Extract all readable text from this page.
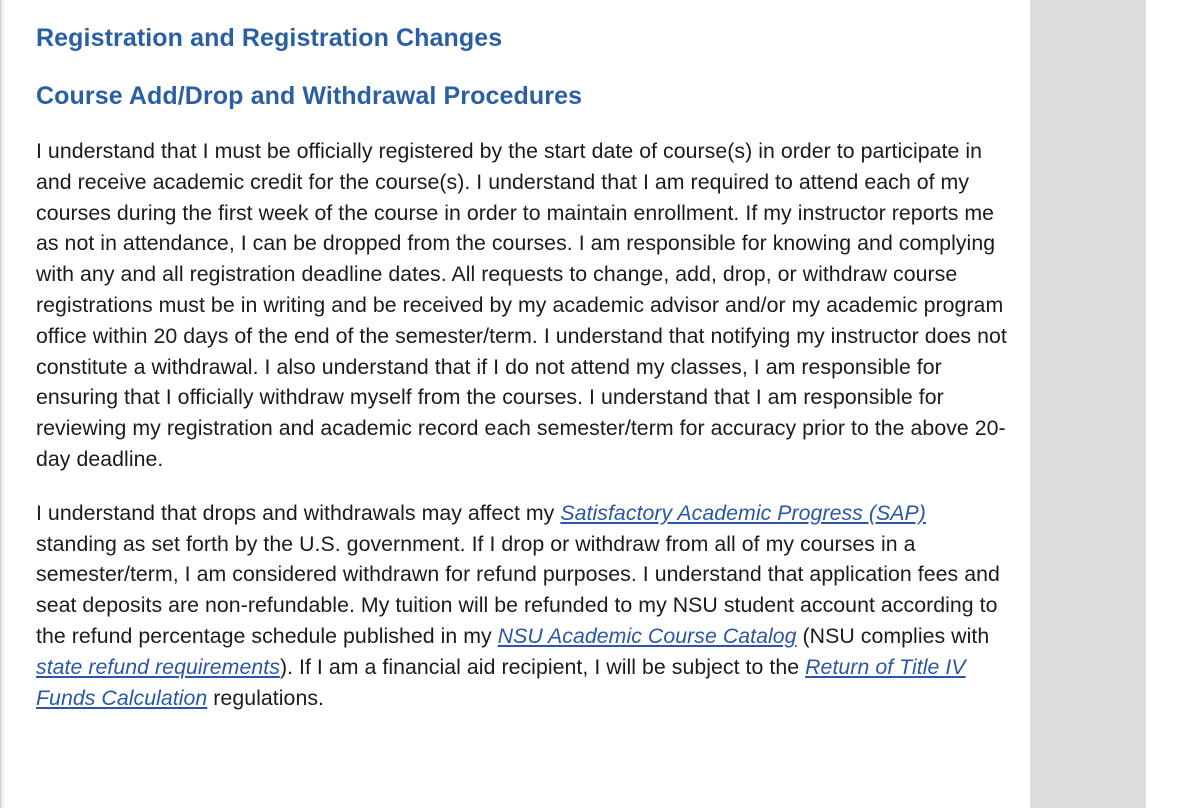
Registration and Registration Changes
Course Add/Drop and Withdrawal Procedures

I understand that I must be officially registered by the start date of course(s) in order to participate in and receive academic credit for the course(s). I understand that I am required to attend each of my courses during the first week of the course in order to maintain enrollment. If my instructor reports me as not in attendance, I can be dropped from the courses. I am responsible for knowing and complying with any and all registration deadline dates. All requests to change, add, drop, or withdraw course registrations must be in writing and be received by my academic advisor and/or my academic program office within 20 days of the end of the semester/term. I understand that notifying my instructor does not constitute a withdrawal. I also understand that if I do not attend my classes, I am responsible for ensuring that I officially withdraw myself from the courses. I understand that I am responsible for reviewing my registration and academic record each semester/term for accuracy prior to the above 20-day deadline.

I understand that drops and withdrawals may affect my Satisfactory Academic Progress (SAP) standing as set forth by the U.S. government. If I drop or withdraw from all of my courses in a semester/term, I am considered withdrawn for refund purposes. I understand that application fees and seat deposits are non-refundable. My tuition will be refunded to my NSU student account according to the refund percentage schedule published in my NSU Academic Course Catalog (NSU complies with state refund requirements). If I am a financial aid recipient, I will be subject to the Return of Title IV Funds Calculation regulations.
